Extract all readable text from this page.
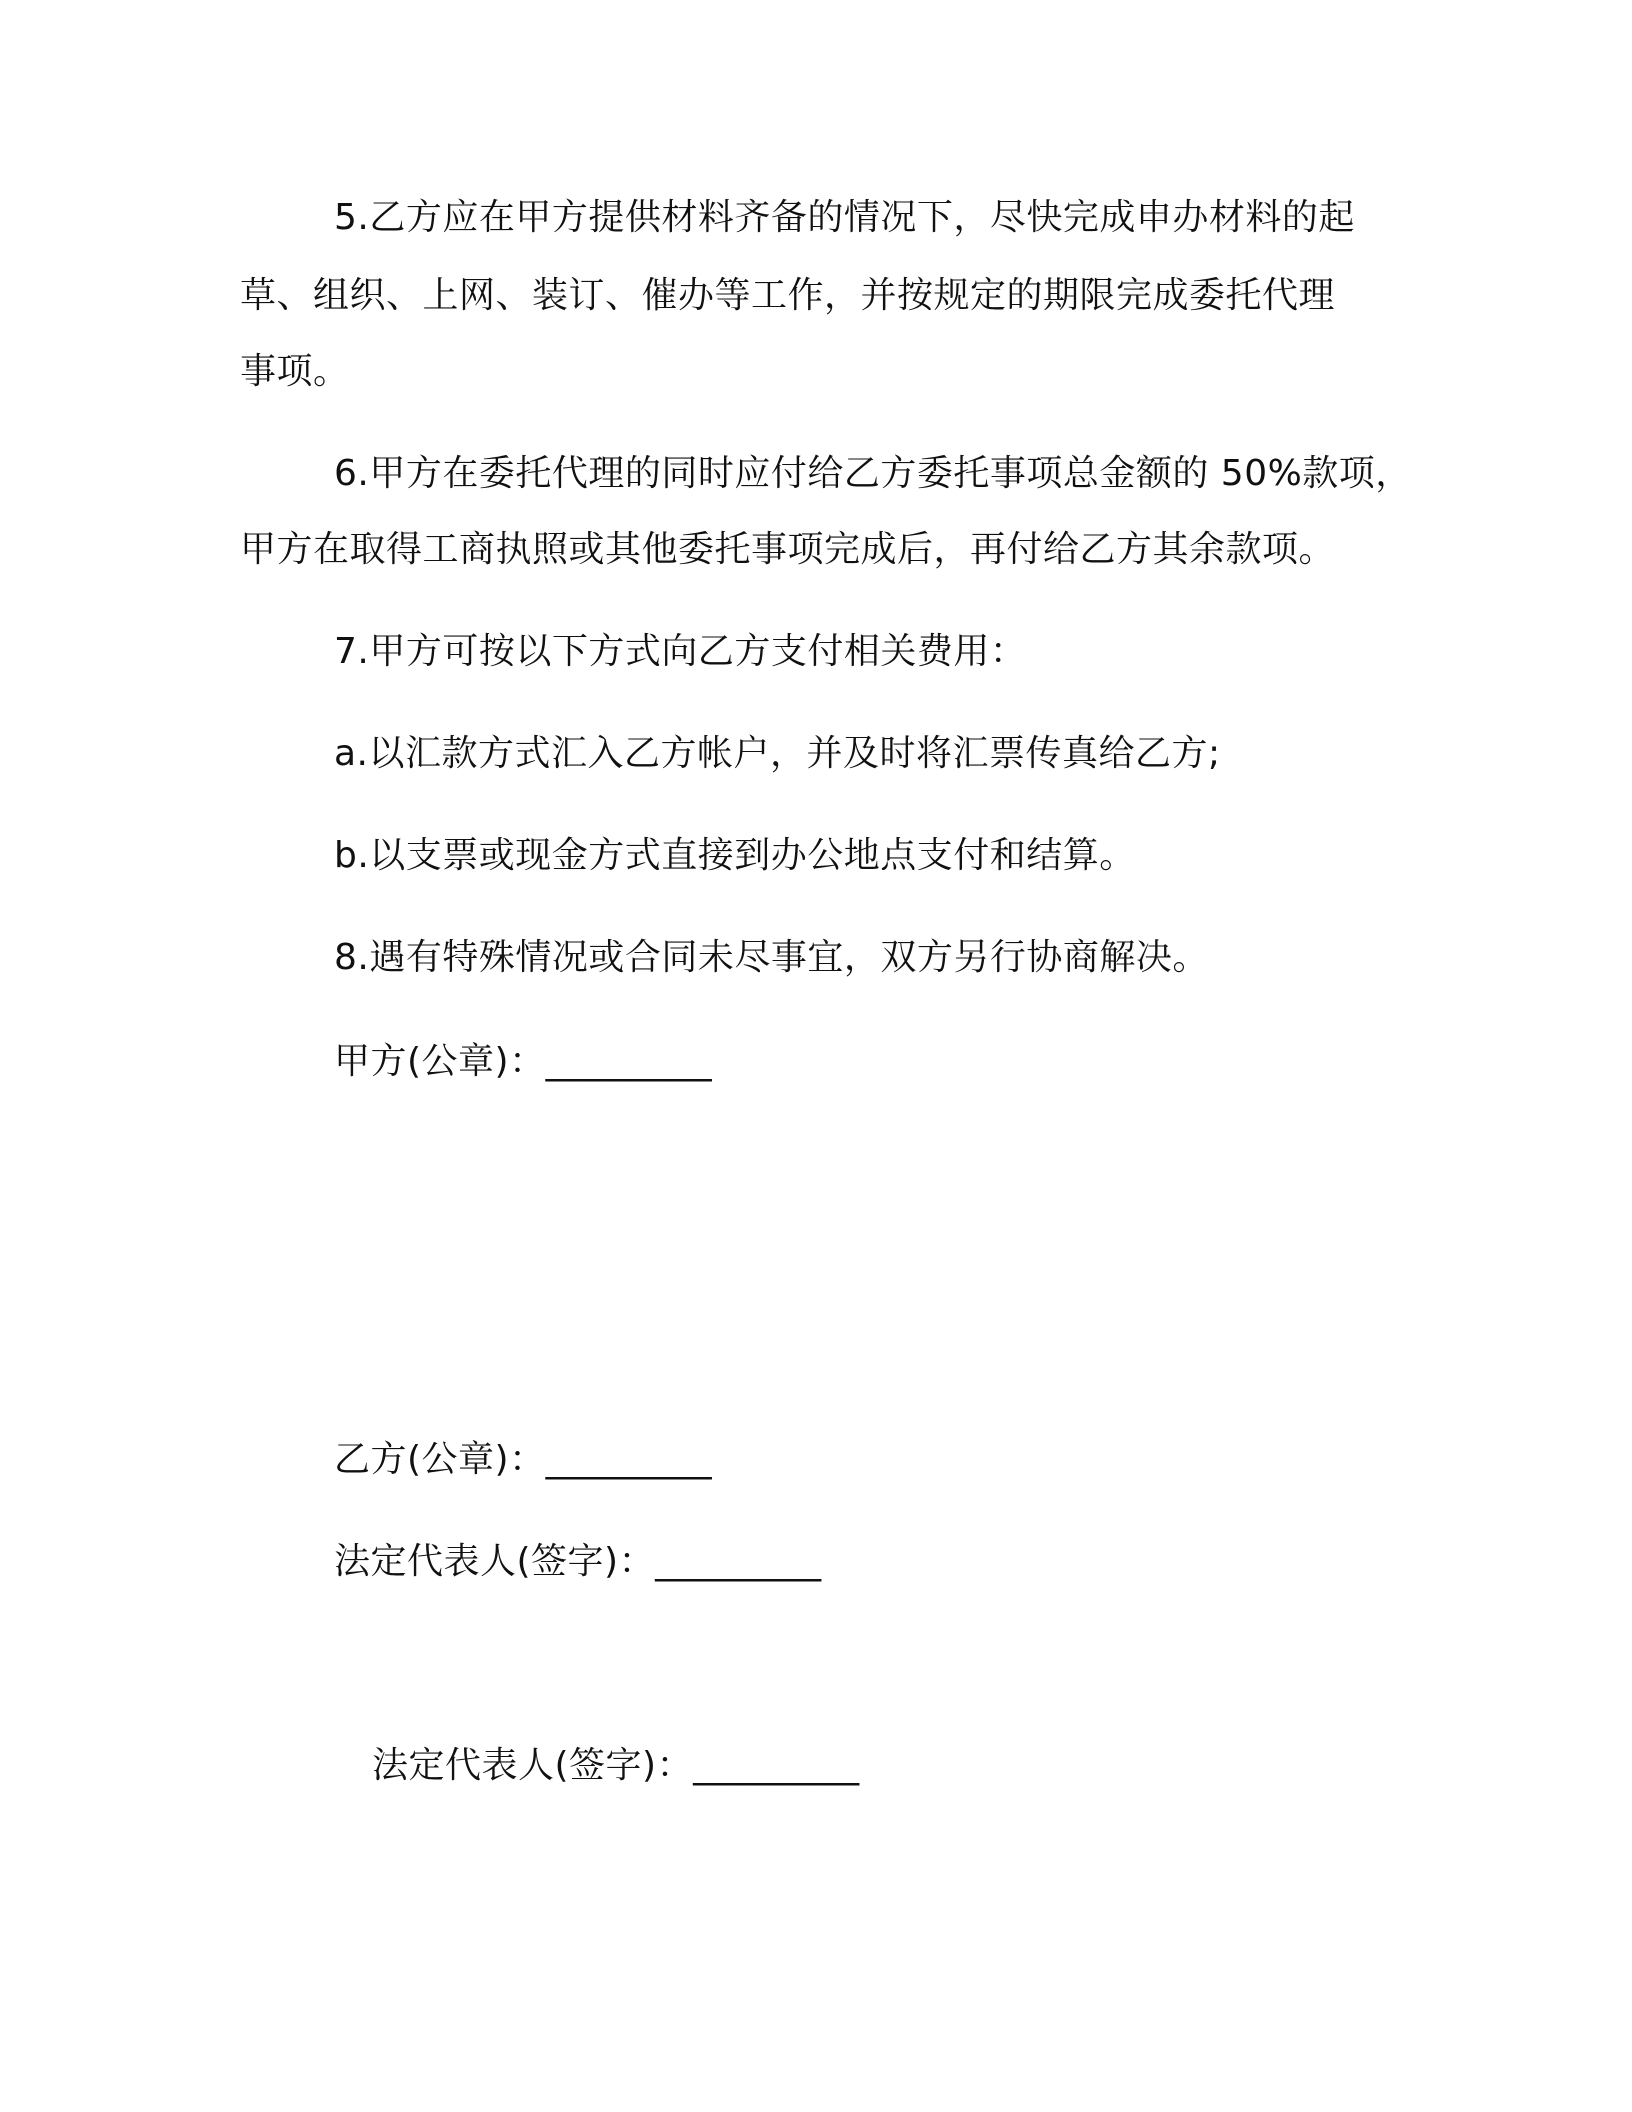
5.乙方应在甲方提供材料齐备的情况下，尽快完成申办材料的起
草、组织、上网、装订、催办等工作，并按规定的期限完成委托代理
事项。
6.甲方在委托代理的同时应付给乙方委托事项总金额的 50%款项，
甲方在取得工商执照或其他委托事项完成后，再付给乙方其余款项。
7.甲方可按以下方式向乙方支付相关费用：
a.以汇款方式汇入乙方帐户，并及时将汇票传真给乙方;
b.以支票或现金方式直接到办公地点支付和结算。
8.遇有特殊情况或合同未尽事宜，双方另行协商解决。
甲方(公章)：_________
乙方(公章)：_________
法定代表人(签字)：_________
法定代表人(签字)：_________
